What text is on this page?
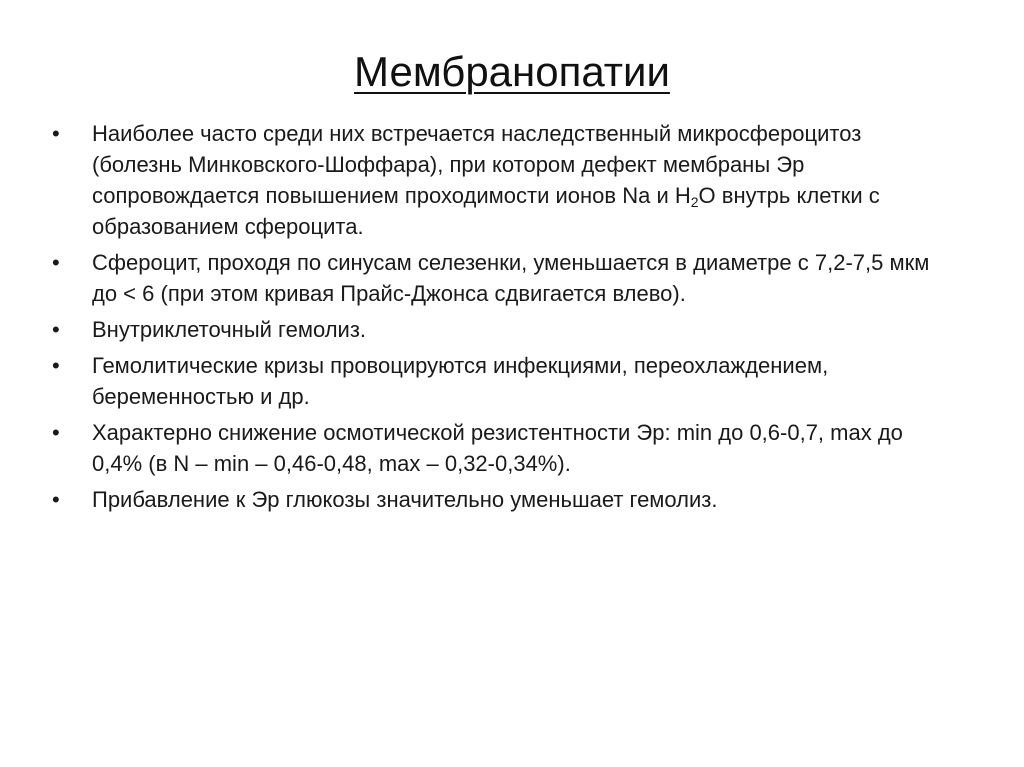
Мембранопатии
•	Наиболее часто среди них встречается наследственный микросфероцитоз (болезнь Минковского-Шоффара), при котором дефект мембраны Эр сопровождается повышением проходимости ионов Na и $H_2O$ внутрь клетки с образованием сфероцита.
•	Сфероцит, проходя по синусам селезенки, уменьшается в диаметре с 7,2-7,5 мкм до < 6 (при этом кривая Прайс-Джонса сдвигается влево).
•	Внутриклеточный гемолиз.
•	Гемолитические кризы провоцируются инфекциями, переохлаждением, беременностью и др.
•	Характерно снижение осмотической резистентности Эр: min до 0,6-0,7, max до 0,4% (в N – min – 0,46-0,48, max – 0,32-0,34%).
•	Прибавление к Эр глюкозы значительно уменьшает гемолиз.
